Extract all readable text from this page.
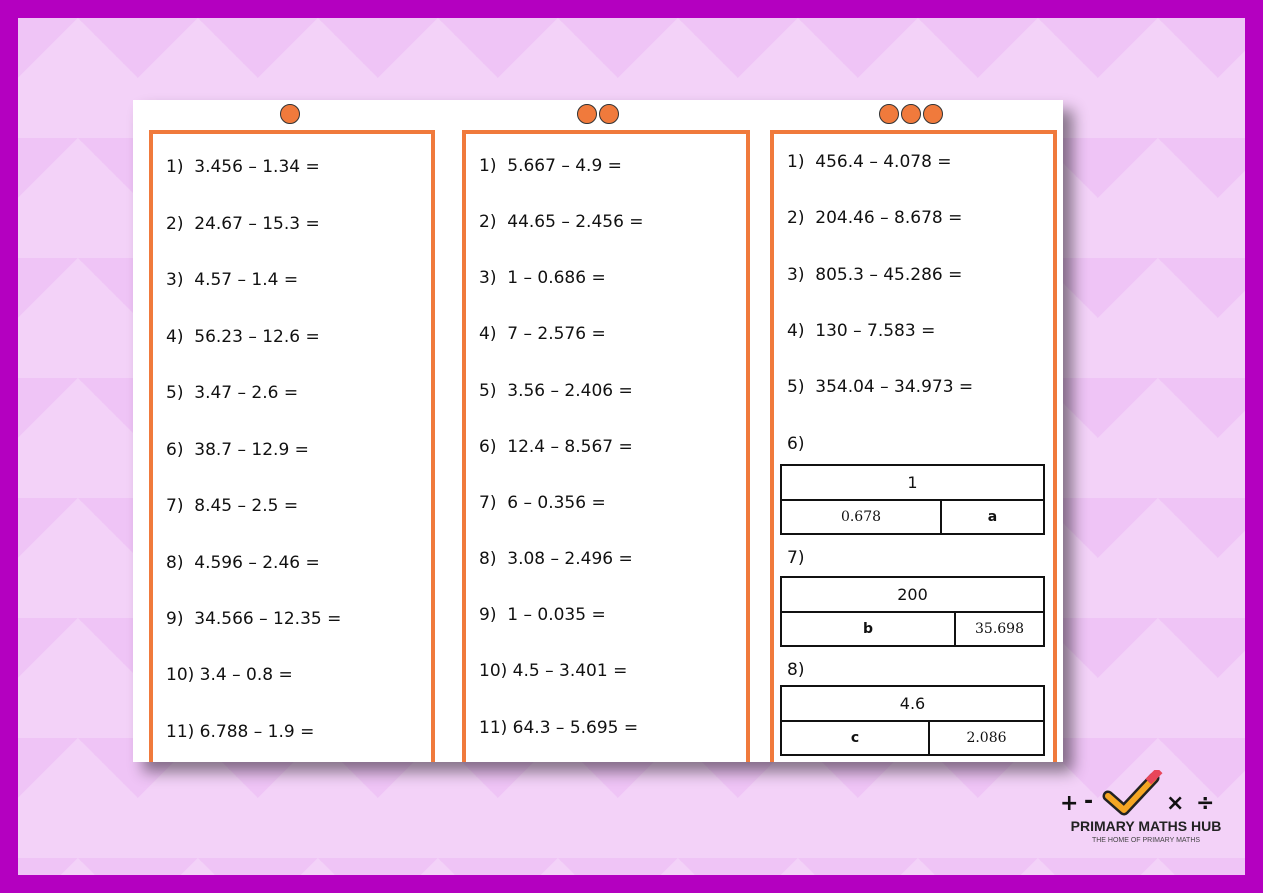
1)  3.456 – 1.34 =
2)  24.67 – 15.3 =
3)  4.57 – 1.4 =
4)  56.23 – 12.6 =
5)  3.47 – 2.6 =
6)  38.7 – 12.9 =
7)  8.45 – 2.5 =
8)  4.596 – 2.46 =
9)  34.566 – 12.35 =
10) 3.4 – 0.8 =
11) 6.788 – 1.9 =
1)  5.667 – 4.9 =
2)  44.65 – 2.456 =
3)  1 – 0.686 =
4)  7 – 2.576 =
5)  3.56 – 2.406 =
6)  12.4 – 8.567 =
7)  6 – 0.356 =
8)  3.08 – 2.496 =
9)  1 – 0.035 =
10) 4.5 – 3.401 =
11) 64.3 – 5.695 =
1)  456.4 – 4.078 =
2)  204.46 – 8.678 =
3)  805.3 – 45.286 =
4)  130 – 7.583 =
5)  354.04 – 34.973 =
6)
1
0.678	a
7)
200
b	35.698
8)
4.6
c	2.086
+ -	× ÷
PRIMARY MATHS HUB
THE HOME OF PRIMARY MATHS
